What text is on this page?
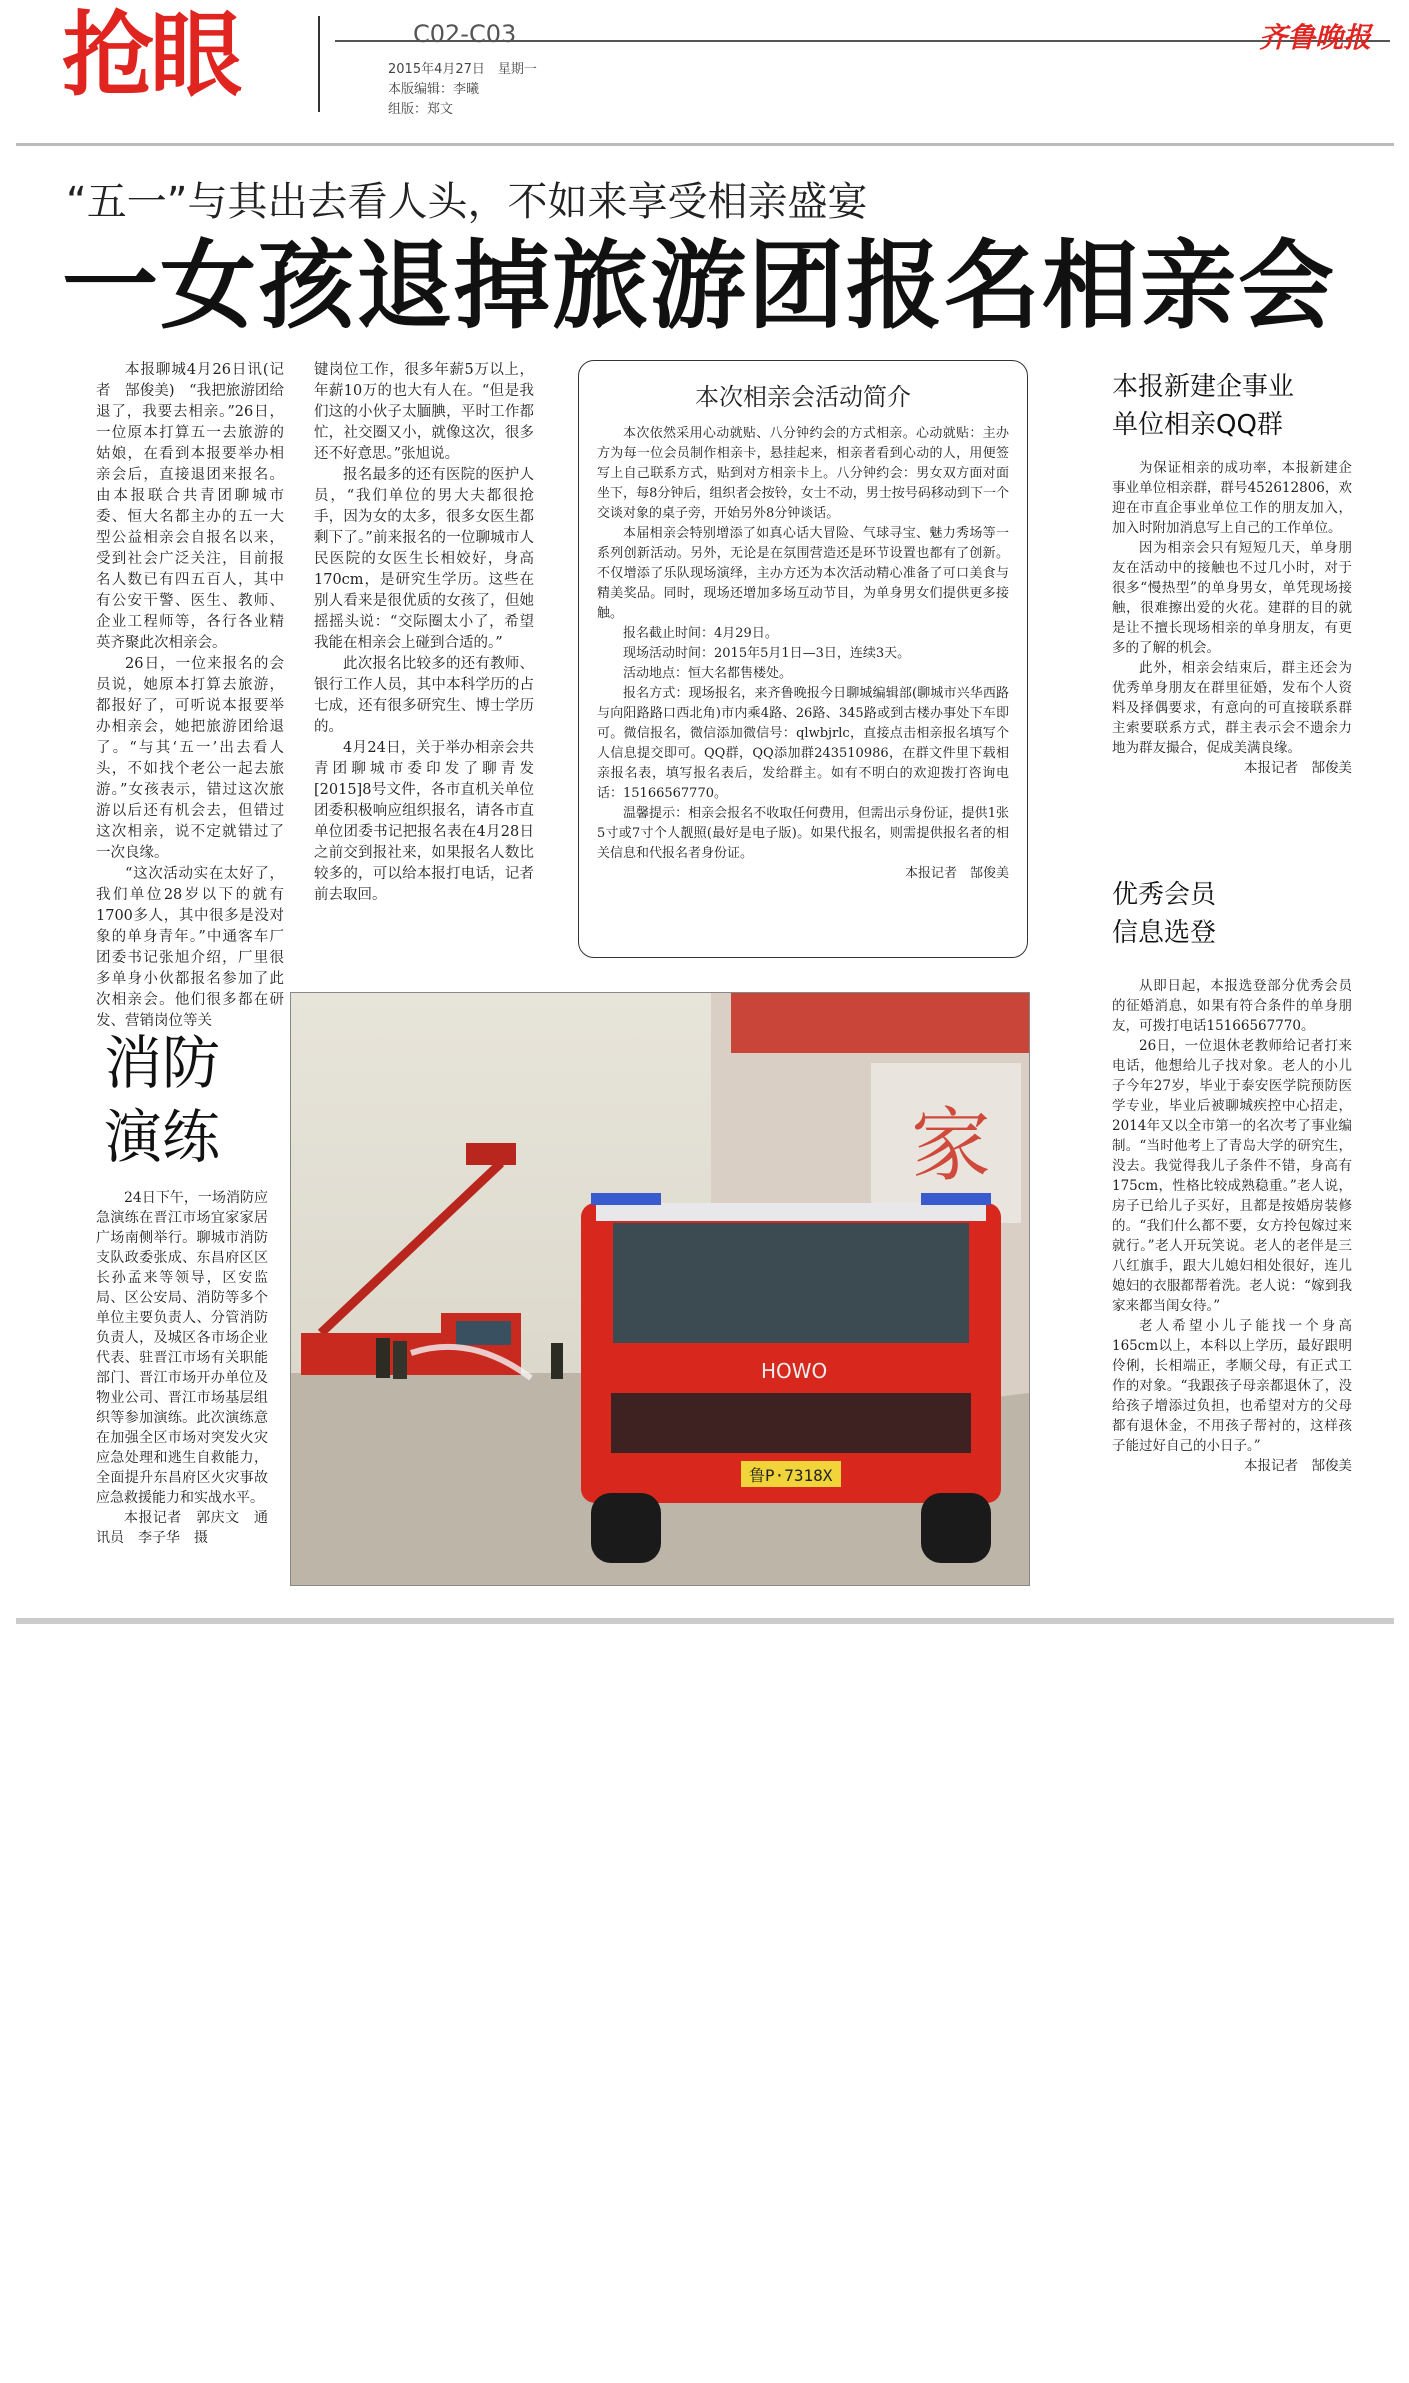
抢眼	C02-C03
2015年4月27日　星期一
本版编辑：李曦
组版：郑文
齐鲁晚报
“五一”与其出去看人头，不如来享受相亲盛宴
一女孩退掉旅游团报名相亲会

本报聊城4月26日讯(记者　郜俊美)　“我把旅游团给退了，我要去相亲。”26日，一位原本打算五一去旅游的姑娘，在看到本报要举办相亲会后，直接退团来报名。由本报联合共青团聊城市委、恒大名都主办的五一大型公益相亲会自报名以来，受到社会广泛关注，目前报名人数已有四五百人，其中有公安干警、医生、教师、企业工程师等，各行各业精英齐聚此次相亲会。

26日，一位来报名的会员说，她原本打算去旅游，都报好了，可听说本报要举办相亲会，她把旅游团给退了。“与其‘五一’出去看人头，不如找个老公一起去旅游。”女孩表示，错过这次旅游以后还有机会去，但错过这次相亲，说不定就错过了一次良缘。

“这次活动实在太好了，我们单位28岁以下的就有1700多人，其中很多是没对象的单身青年。”中通客车厂团委书记张旭介绍，厂里很多单身小伙都报名参加了此次相亲会。他们很多都在研发、营销岗位等关

键岗位工作，很多年薪5万以上，年薪10万的也大有人在。“但是我们这的小伙子太腼腆，平时工作都忙，社交圈又小，就像这次，很多还不好意思。”张旭说。

报名最多的还有医院的医护人员，“我们单位的男大夫都很抢手，因为女的太多，很多女医生都剩下了。”前来报名的一位聊城市人民医院的女医生长相姣好，身高170cm，是研究生学历。这些在别人看来是很优质的女孩了，但她摇摇头说：“交际圈太小了，希望我能在相亲会上碰到合适的。”

此次报名比较多的还有教师、银行工作人员，其中本科学历的占七成，还有很多研究生、博士学历的。

4月24日，关于举办相亲会共青团聊城市委印发了聊青发[2015]8号文件，各市直机关单位团委积极响应组织报名，请各市直单位团委书记把报名表在4月28日之前交到报社来，如果报名人数比较多的，可以给本报打电话，记者前去取回。

本次相亲会活动简介

本次依然采用心动就贴、八分钟约会的方式相亲。心动就贴：主办方为每一位会员制作相亲卡，悬挂起来，相亲者看到心动的人，用便签写上自己联系方式，贴到对方相亲卡上。八分钟约会：男女双方面对面坐下，每8分钟后，组织者会按铃，女士不动，男士按号码移动到下一个交谈对象的桌子旁，开始另外8分钟谈话。

本届相亲会特别增添了如真心话大冒险、气球寻宝、魅力秀场等一系列创新活动。另外，无论是在氛围营造还是环节设置也都有了创新。不仅增添了乐队现场演绎，主办方还为本次活动精心准备了可口美食与精美奖品。同时，现场还增加多场互动节目，为单身男女们提供更多接触。

报名截止时间：4月29日。

现场活动时间：2015年5月1日—3日，连续3天。

活动地点：恒大名都售楼处。

报名方式：现场报名，来齐鲁晚报今日聊城编辑部(聊城市兴华西路与向阳路路口西北角)市内乘4路、26路、345路或到古楼办事处下车即可。微信报名，微信添加微信号：qlwbjrlc，直接点击相亲报名填写个人信息提交即可。QQ群，QQ添加群243510986，在群文件里下载相亲报名表，填写报名表后，发给群主。如有不明白的欢迎拨打咨询电话：15166567770。

温馨提示：相亲会报名不收取任何费用，但需出示身份证，提供1张5寸或7寸个人靓照(最好是电子版)。如果代报名，则需提供报名者的相关信息和代报名者身份证。

本报记者　郜俊美

本报新建企事业
单位相亲QQ群

为保证相亲的成功率，本报新建企事业单位相亲群，群号452612806，欢迎在市直企事业单位工作的朋友加入，加入时附加消息写上自己的工作单位。

因为相亲会只有短短几天，单身朋友在活动中的接触也不过几小时，对于很多“慢热型”的单身男女，单凭现场接触，很难擦出爱的火花。建群的目的就是让不擅长现场相亲的单身朋友，有更多的了解的机会。

此外，相亲会结束后，群主还会为优秀单身朋友在群里征婚，发布个人资料及择偶要求，有意向的可直接联系群主索要联系方式，群主表示会不遗余力地为群友撮合，促成美满良缘。

本报记者　郜俊美

优秀会员
信息选登

从即日起，本报选登部分优秀会员的征婚消息，如果有符合条件的单身朋友，可拨打电话15166567770。

26日，一位退休老教师给记者打来电话，他想给儿子找对象。老人的小儿子今年27岁，毕业于泰安医学院预防医学专业，毕业后被聊城疾控中心招走，2014年又以全市第一的名次考了事业编制。“当时他考上了青岛大学的研究生，没去。我觉得我儿子条件不错，身高有175cm，性格比较成熟稳重。”老人说，房子已给儿子买好，且都是按婚房装修的。“我们什么都不要，女方拎包嫁过来就行。”老人开玩笑说。老人的老伴是三八红旗手，跟大儿媳妇相处很好，连儿媳妇的衣服都帮着洗。老人说：“嫁到我家来都当闺女待。”

老人希望小儿子能找一个身高165cm以上，本科以上学历，最好跟明伶俐，长相端正，孝顺父母，有正式工作的对象。“我跟孩子母亲都退休了，没给孩子增添过负担，也希望对方的父母都有退休金，不用孩子帮衬的，这样孩子能过好自己的小日子。”

本报记者　郜俊美

消防
演练

24日下午，一场消防应急演练在晋江市场宜家家居广场南侧举行。聊城市消防支队政委张成、东昌府区区长孙孟来等领导，区安监局、区公安局、消防等多个单位主要负责人、分管消防负责人，及城区各市场企业代表、驻晋江市场有关职能部门、晋江市场开办单位及物业公司、晋江市场基层组织等参加演练。此次演练意在加强全区市场对突发火灾应急处理和逃生自救能力，全面提升东昌府区火灾事故应急救援能力和实战水平。

本报记者　郭庆文　通讯员　李子华　摄

家
HOWO
鲁P·7318X
